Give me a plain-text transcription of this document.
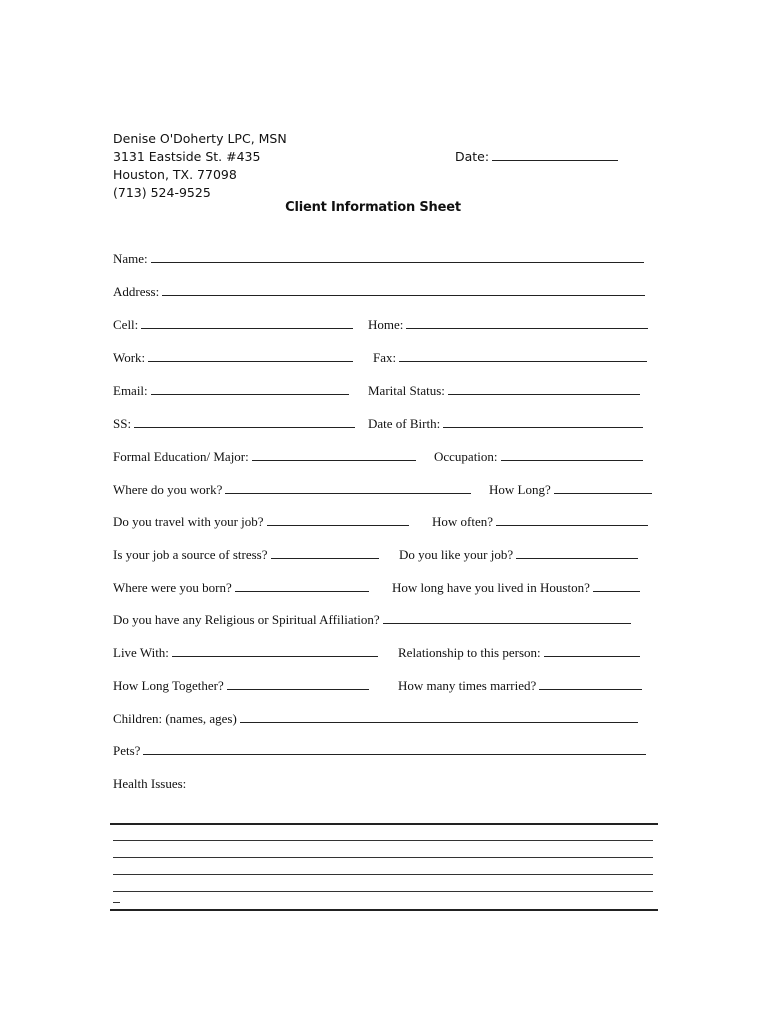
Denise O'Doherty LPC, MSN
3131 Eastside St. #435
Houston, TX. 77098
(713) 524-9525
Date:
Client Information Sheet
Name:
Address:
Cell:	Home:
Work:	Fax:
Email:	Marital Status:
SS:	Date of Birth:
Formal Education/ Major:	Occupation:
Where do you work?	How Long?
Do you travel with your job?	How often?
Is your job a source of stress?	Do you like your job?
Where were you born?	How long have you lived in Houston?
Do you have any Religious or Spiritual Affiliation?
Live With:	Relationship to this person:
How Long Together?	How many times married?
Children: (names, ages)
Pets?
Health Issues:
